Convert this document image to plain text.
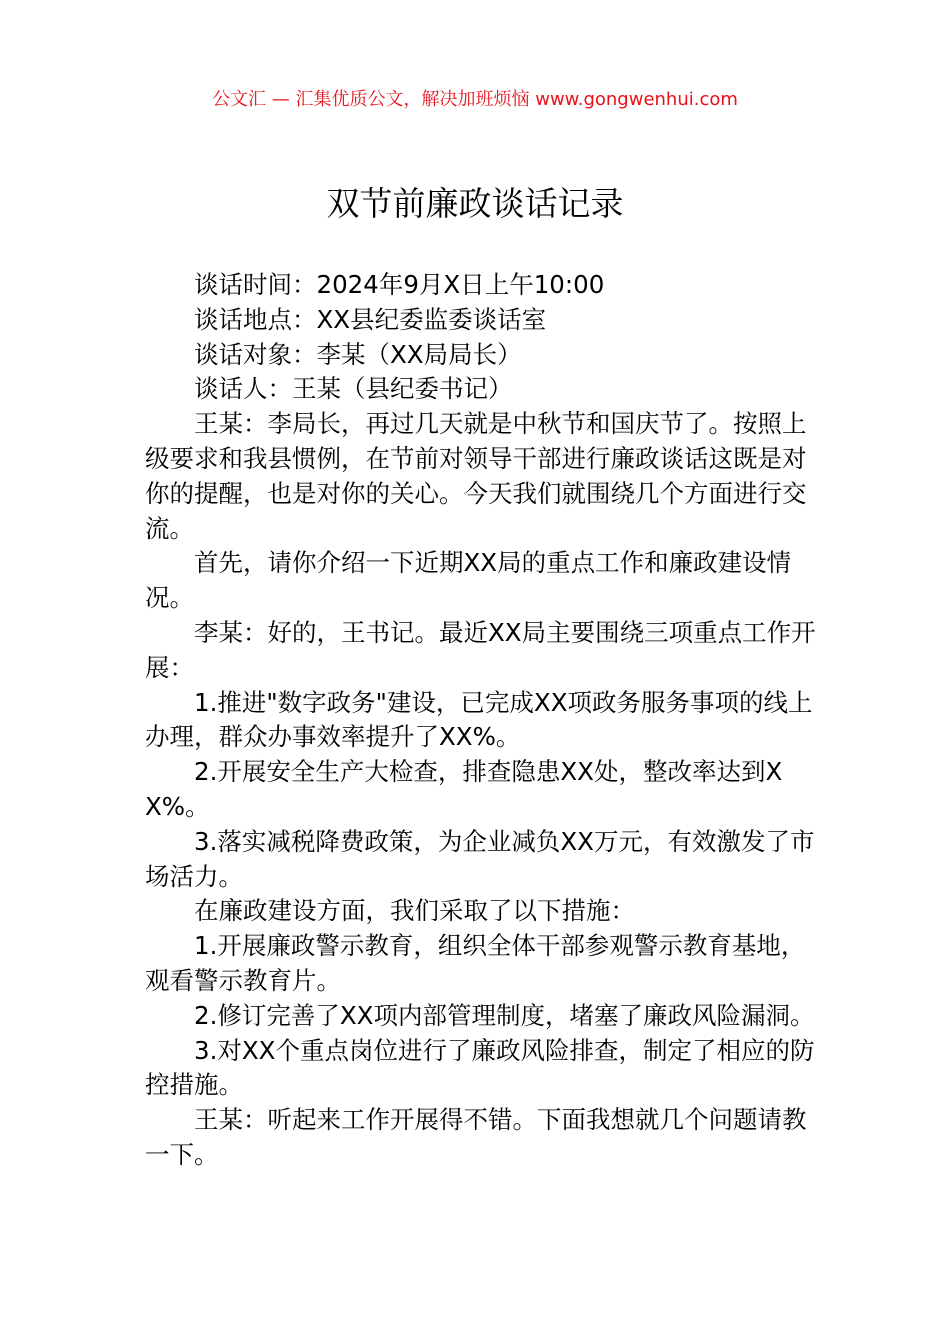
公文汇 — 汇集优质公文，解决加班烦恼 www.gongwenhui.com
双节前廉政谈话记录

谈话时间：2024年9月X日上午10:00

谈话地点：XX县纪委监委谈话室

谈话对象：李某（XX局局长）

谈话人：王某（县纪委书记）

王某：李局长，再过几天就是中秋节和国庆节了。按照上级要求和我县惯例，在节前对领导干部进行廉政谈话这既是对你的提醒，也是对你的关心。今天我们就围绕几个方面进行交流。

首先，请你介绍一下近期XX局的重点工作和廉政建设情况。

李某：好的，王书记。最近XX局主要围绕三项重点工作开展：

1.推进"数字政务"建设，已完成XX项政务服务事项的线上办理，群众办事效率提升了XX%。

2.开展安全生产大检查，排查隐患XX处，整改率达到XX%。

3.落实减税降费政策，为企业减负XX万元，有效激发了市场活力。

在廉政建设方面，我们采取了以下措施：

1.开展廉政警示教育，组织全体干部参观警示教育基地，观看警示教育片。

2.修订完善了XX项内部管理制度，堵塞了廉政风险漏洞。

3.对XX个重点岗位进行了廉政风险排查，制定了相应的防控措施。

王某：听起来工作开展得不错。下面我想就几个问题请教一下。
